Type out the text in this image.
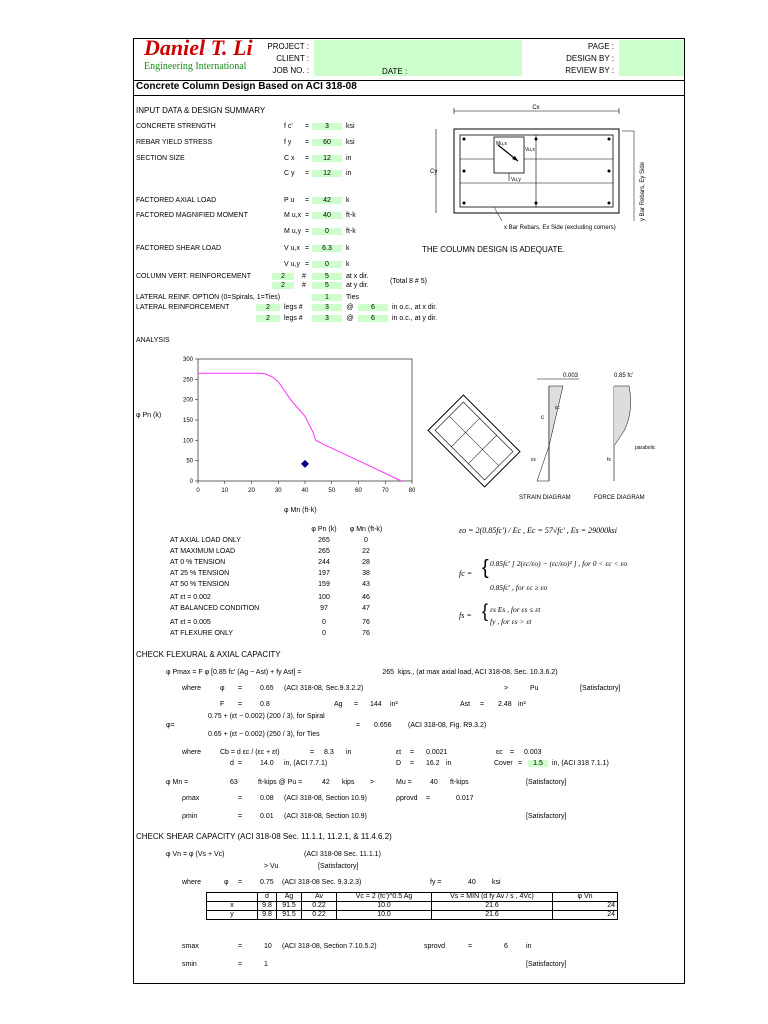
Daniel T. Li
Engineering International
PROJECT :
CLIENT :
JOB NO. :	DATE :
PAGE :
DESIGN BY :
REVIEW BY :
Concrete Column Design Based on ACI 318-08
INPUT DATA & DESIGN SUMMARY
CONCRETE STRENGTH	f c'	=	3	ksi
REBAR YIELD STRESS	f y	=	60	ksi
SECTION SIZE	C x	=	12	in
C y	=	12	in
FACTORED AXIAL LOAD	P u	=	42	k
FACTORED MAGNIFIED MOMENT	M u,x =	40	ft-k
M u,y =	0	ft-k
FACTORED SHEAR LOAD	V u,x =	6.3	k
V u,y =	0	k
COLUMN VERT. REINFORCEMENT	2	#	5	at x dir.
2	#	5	at y dir.
(Total 8 # 5)
LATERAL REINF. OPTION (0=Spirals, 1=Ties)	1	Ties
LATERAL REINFORCEMENT	2	legs #	3	@	6	in o.c., at x dir.
2	legs #	3	@	6	in o.c., at y dir.
THE COLUMN DESIGN IS ADEQUATE.
Cx
Cy
Mu,x
Vu,x
Vu,y
x Bar Rebars, Ex Side (excluding corners)
y Bar Rebars, Ey Side
ANALYSIS
φ Pn (k)
φ Mn (ft-k)
0	10	20	30	40	50	60	70	80
0
50
100
150
200
250
300
0.003	0.85 fc'
c
εc
εs	fs
parabolic
STRAIN DIAGRAM	FORCE DIAGRAM
φ Pn (k)	φ Mn (ft-k)
AT AXIAL LOAD ONLY	265	0
AT MAXIMUM LOAD	265	22
AT 0 % TENSION	244	28
AT 25 % TENSION	197	38
AT 50 % TENSION	159	43
AT εt = 0.002	100	46
AT BALANCED CONDITION	97	47
AT εt = 0.005	0	76
AT FLEXURE ONLY	0	76
εo = 2(0.85fc') / Ec , Ec = 57√fc' , Es = 29000ksi
fc = { 0.85fc' [ 2(εc/εo) − (εc/εo)² ] , for 0 < εc < εo
0.85fc' , for εc ≥ εo
fs = { εs Es , for εs ≤ εt
fy , for εs > εt
CHECK FLEXURAL & AXIAL CAPACITY
φ Pmax = F φ [0.85 fc' (Ag − Ast) + fy Ast] =	265 kips., (at max axial load, ACI 318-08, Sec. 10.3.6.2)
where	φ =	0.65 (ACI 318-08, Sec.9.3.2.2)	>	Pu	[Satisfactory]
F =	0.8	Ag = 144 in²	Ast = 2.48 in²
φ=
0.75 + (εt − 0.002) (200 / 3), for Spiral
0.65 + (εt − 0.002) (250 / 3), for Ties
= 0.656 (ACI 318-08, Fig. R9.3.2)
where	Cb = d εc / (εc + εt)	= 8.3 in	εt = 0.0021	εc = 0.003
d =	14.0 in, (ACI 7.7.1)	D = 16.2 in	Cover =	1.5	in, (ACI 318 7.1.1)
φ Mn =	63	ft-kips @ Pu =	42 kips >	Mu =	40 ft-kips	[Satisfactory]
ρmax	=	0.08 (ACI 318-08, Section 10.9)	ρprovd =	0.017
ρmin	=	0.01 (ACI 318-08, Section 10.9)	[Satisfactory]
CHECK SHEAR CAPACITY (ACI 318-08 Sec. 11.1.1, 11.2.1, & 11.4.6.2)
φ Vn = φ (Vs + Vc)	(ACI 318-08 Sec. 11.1.1)
> Vu	[Satisfactory]
where	φ =	0.75 (ACI 318-08 Sec. 9.3.2.3)	fy =	40 ksi
	d	Ag	Av	Vc = 2 (fc')^0.5 Ag	Vs = MIN (d fy Av / s , 4Vc)	φ Vn
x	9.8	91.5	0.22	10.0	21.6	24
y	9.8	91.5	0.22	10.0	21.6	24
smax	=	10 (ACI 318-08, Section 7.10.5.2)	sprovd	=	6	in
smin	=	1	[Satisfactory]
